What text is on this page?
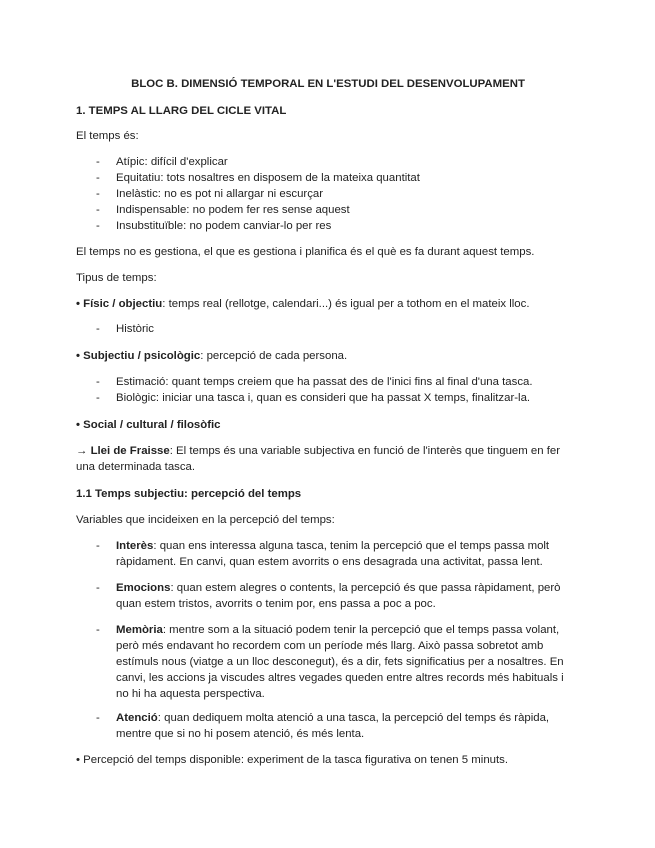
BLOC B. DIMENSIÓ TEMPORAL EN L'ESTUDI DEL DESENVOLUPAMENT
1. TEMPS AL LLARG DEL CICLE VITAL
El temps és:
- Atípic: difícil d'explicar
- Equitatiu: tots nosaltres en disposem de la mateixa quantitat
- Inelàstic: no es pot ni allargar ni escurçar
- Indispensable: no podem fer res sense aquest
- Insubstituïble: no podem canviar-lo per res
El temps no es gestiona, el que es gestiona i planifica és el què es fa durant aquest temps.
Tipus de temps:
• Físic / objectiu: temps real (rellotge, calendari...) és igual per a tothom en el mateix lloc.
- Històric
• Subjectiu / psicològic: percepció de cada persona.
- Estimació: quant temps creiem que ha passat des de l'inici fins al final d'una tasca.
- Biològic: iniciar una tasca i, quan es consideri que ha passat X temps, finalitzar-la.
• Social / cultural / filosòfic
→ Llei de Fraisse: El temps és una variable subjectiva en funció de l'interès que tinguem en fer
una determinada tasca.
1.1 Temps subjectiu: percepció del temps
Variables que incideixen en la percepció del temps:
- Interès: quan ens interessa alguna tasca, tenim la percepció que el temps passa molt
ràpidament. En canvi, quan estem avorrits o ens desagrada una activitat, passa lent.
- Emocions: quan estem alegres o contents, la percepció és que passa ràpidament, però
quan estem tristos, avorrits o tenim por, ens passa a poc a poc.
- Memòria: mentre som a la situació podem tenir la percepció que el temps passa volant,
però més endavant ho recordem com un període més llarg. Això passa sobretot amb
estímuls nous (viatge a un lloc desconegut), és a dir, fets significatius per a nosaltres. En
canvi, les accions ja viscudes altres vegades queden entre altres records més habituals i
no hi ha aquesta perspectiva.
- Atenció: quan dediquem molta atenció a una tasca, la percepció del temps és ràpida,
mentre que si no hi posem atenció, és més lenta.
• Percepció del temps disponible: experiment de la tasca figurativa on tenen 5 minuts.
